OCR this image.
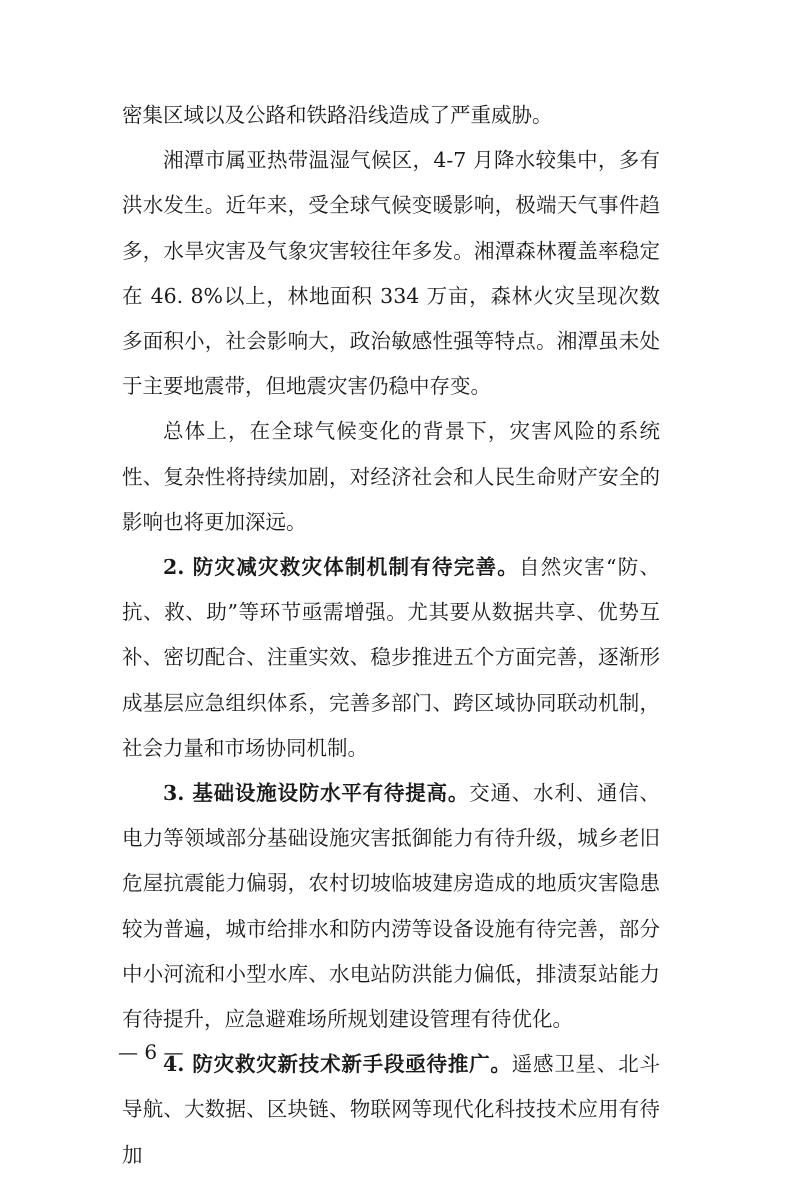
密集区域以及公路和铁路沿线造成了严重威胁。

湘潭市属亚热带温湿气候区，4-7 月降水较集中，多有洪水发生。近年来，受全球气候变暖影响，极端天气事件趋多，水旱灾害及气象灾害较往年多发。湘潭森林覆盖率稳定在 46. 8%以上，林地面积 334 万亩，森林火灾呈现次数多面积小，社会影响大，政治敏感性强等特点。湘潭虽未处于主要地震带，但地震灾害仍稳中存变。

总体上，在全球气候变化的背景下，灾害风险的系统性、复杂性将持续加剧，对经济社会和人民生命财产安全的影响也将更加深远。

2. 防灾减灾救灾体制机制有待完善。自然灾害“防、抗、救、助”等环节亟需增强。尤其要从数据共享、优势互补、密切配合、注重实效、稳步推进五个方面完善，逐渐形成基层应急组织体系，完善多部门、跨区域协同联动机制，社会力量和市场协同机制。

3. 基础设施设防水平有待提高。交通、水利、通信、电力等领域部分基础设施灾害抵御能力有待升级，城乡老旧危屋抗震能力偏弱，农村切坡临坡建房造成的地质灾害隐患较为普遍，城市给排水和防内涝等设备设施有待完善，部分中小河流和小型水库、水电站防洪能力偏低，排渍泵站能力有待提升，应急避难场所规划建设管理有待优化。

4. 防灾救灾新技术新手段亟待推广。遥感卫星、北斗导航、大数据、区块链、物联网等现代化科技技术应用有待加

— 6 —
